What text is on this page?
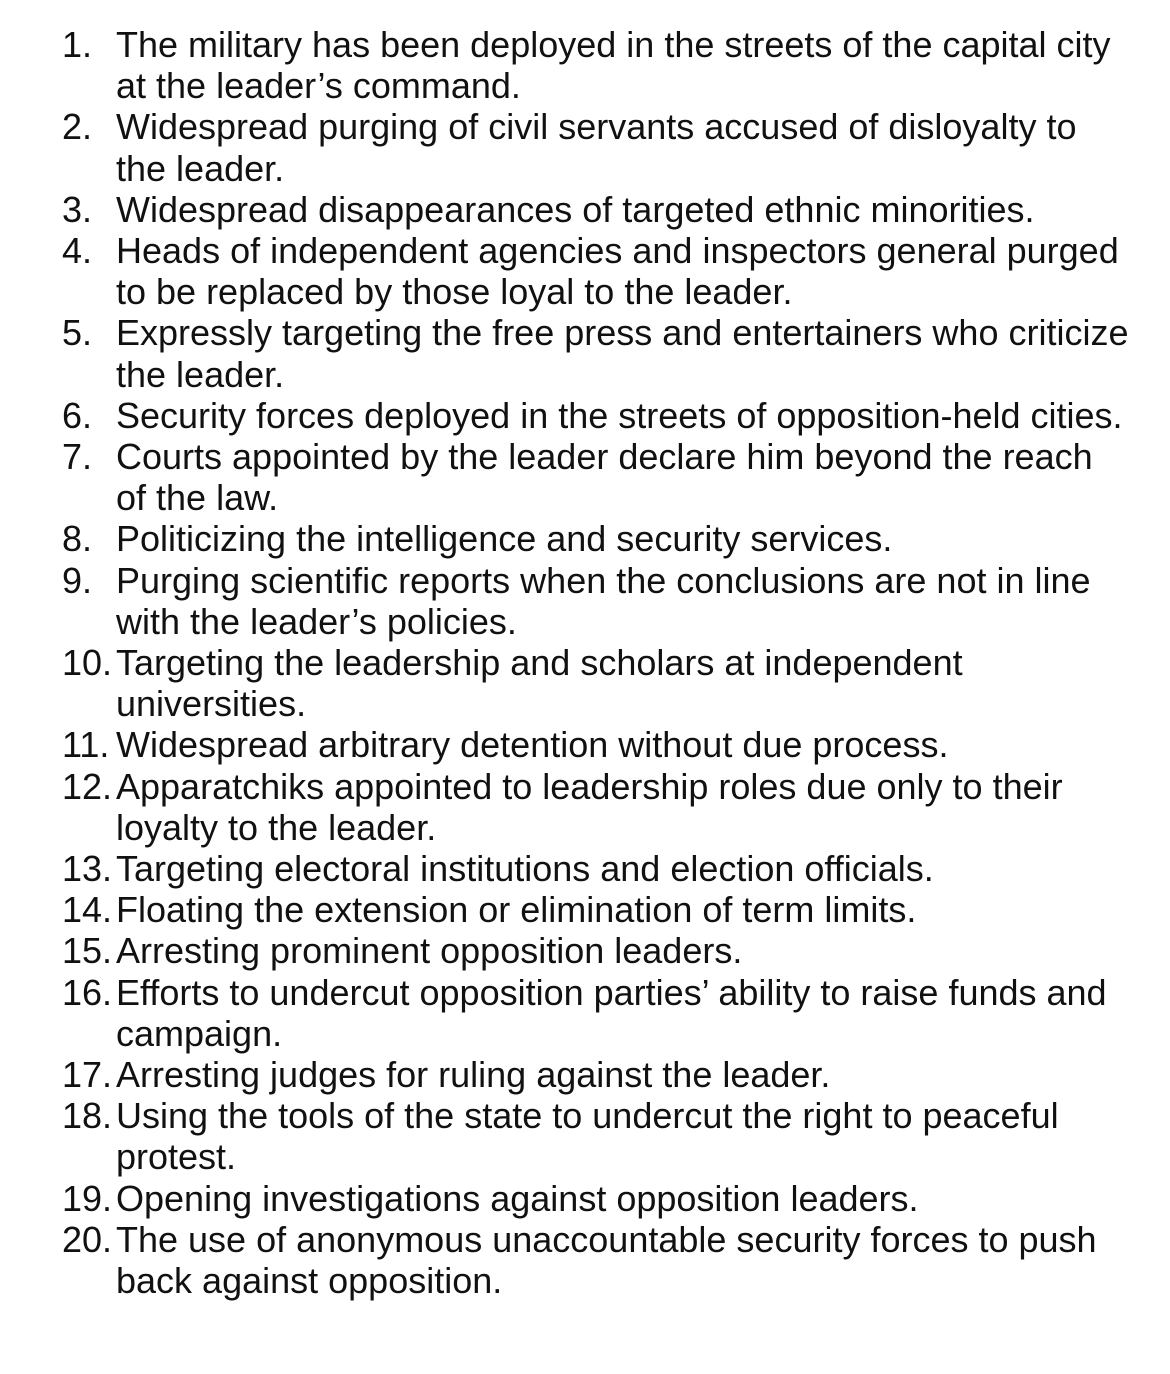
1. The military has been deployed in the streets of the capital city at the leader’s command.
2. Widespread purging of civil servants accused of disloyalty to the leader.
3. Widespread disappearances of targeted ethnic minorities.
4. Heads of independent agencies and inspectors general purged to be replaced by those loyal to the leader.
5. Expressly targeting the free press and entertainers who criticize the leader.
6. Security forces deployed in the streets of opposition-held cities.
7. Courts appointed by the leader declare him beyond the reach of the law.
8. Politicizing the intelligence and security services.
9. Purging scientific reports when the conclusions are not in line with the leader’s policies.
10. Targeting the leadership and scholars at independent universities.
11. Widespread arbitrary detention without due process.
12. Apparatchiks appointed to leadership roles due only to their loyalty to the leader.
13. Targeting electoral institutions and election officials.
14. Floating the extension or elimination of term limits.
15. Arresting prominent opposition leaders.
16. Efforts to undercut opposition parties’ ability to raise funds and campaign.
17. Arresting judges for ruling against the leader.
18. Using the tools of the state to undercut the right to peaceful protest.
19. Opening investigations against opposition leaders.
20. The use of anonymous unaccountable security forces to push back against opposition.
